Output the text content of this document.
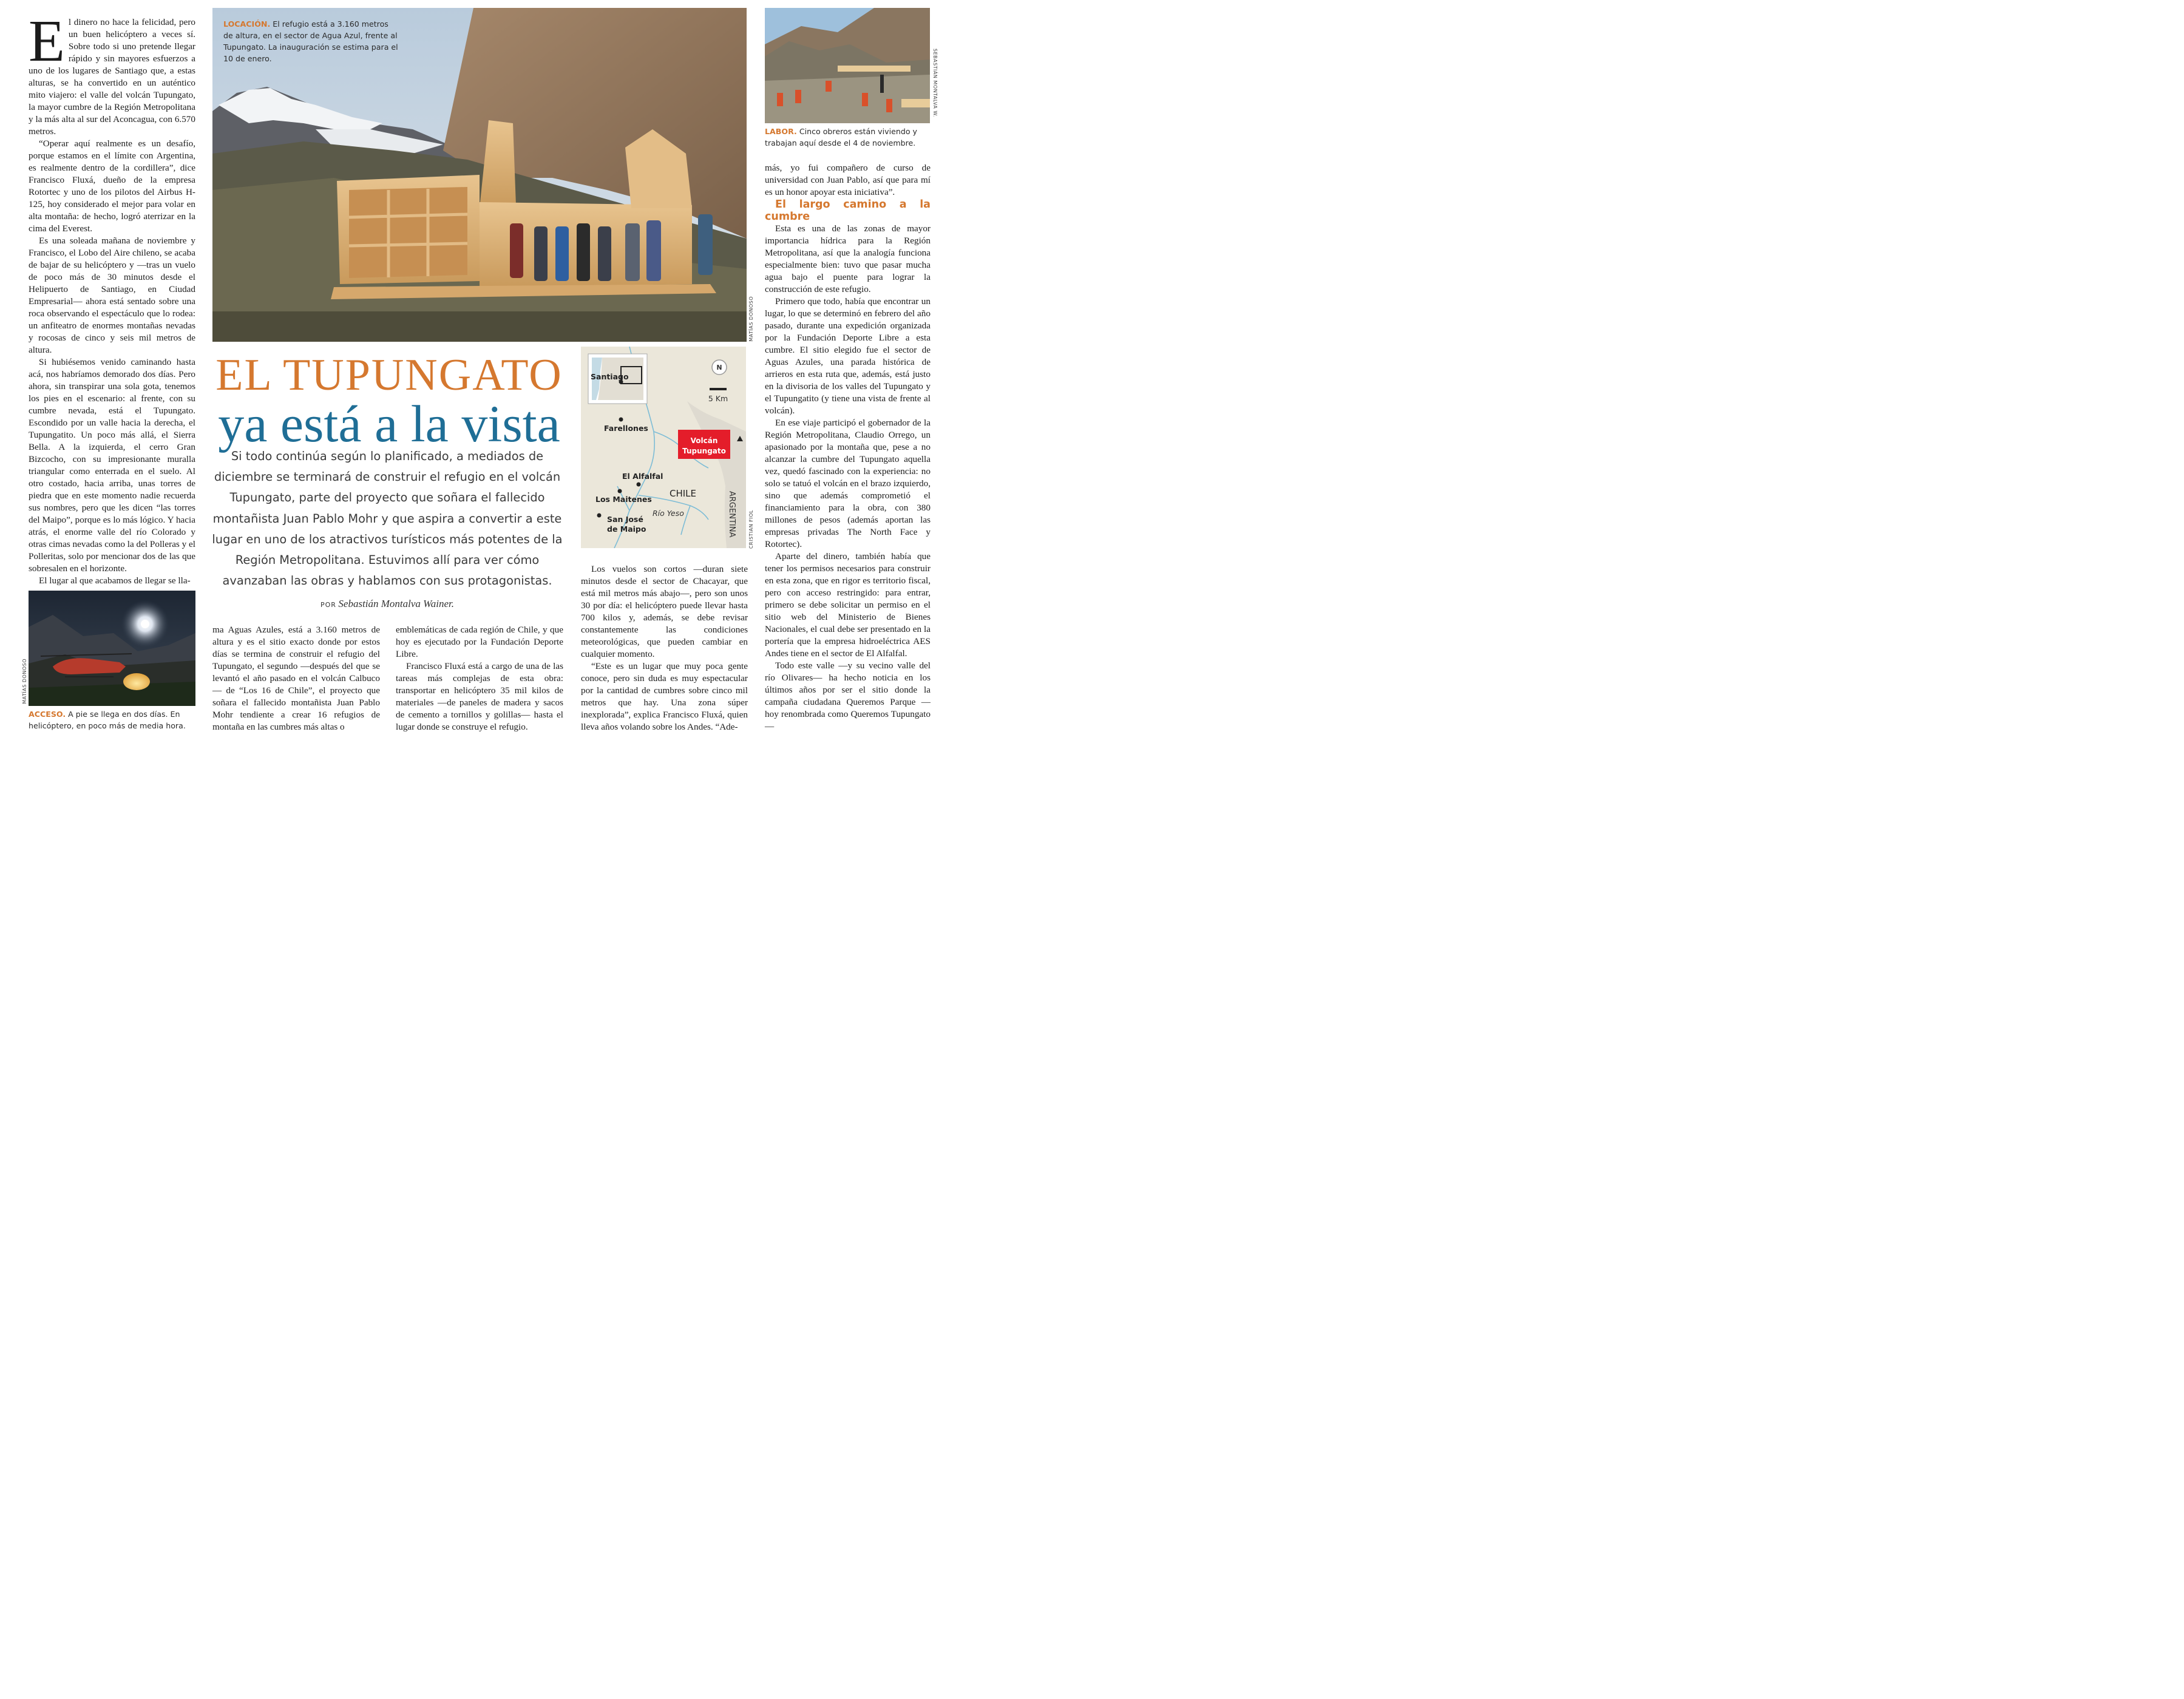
El dinero no hace la felicidad, pero un buen helicóptero a veces sí. Sobre todo si uno pretende llegar rápido y sin mayores esfuerzos a uno de los lugares de Santiago que, a estas alturas, se ha convertido en un auténtico mito viajero: el valle del volcán Tupungato, la mayor cumbre de la Región Metropolitana y la más alta al sur del Aconcagua, con 6.570 metros.

“Operar aquí realmente es un desafío, porque estamos en el límite con Argentina, es realmente dentro de la cordillera”, dice Francisco Fluxá, dueño de la empresa Rotortec y uno de los pilotos del Airbus H-125, hoy considerado el mejor para volar en alta montaña: de hecho, logró aterrizar en la cima del Everest.

Es una soleada mañana de noviembre y Francisco, el Lobo del Aire chileno, se acaba de bajar de su helicóptero y —tras un vuelo de poco más de 30 minutos desde el Helipuerto de Santiago, en Ciudad Empresarial— ahora está sentado sobre una roca observando el espectáculo que lo rodea: un anfiteatro de enormes montañas nevadas y rocosas de cinco y seis mil metros de altura.

Si hubiésemos venido caminando hasta acá, nos habríamos demorado dos días. Pero ahora, sin transpirar una sola gota, tenemos los pies en el escenario: al frente, con su cumbre nevada, está el Tupungato. Escondido por un valle hacia la derecha, el Tupungatito. Un poco más allá, el Sierra Bella. A la izquierda, el cerro Gran Bizcocho, con su impresionante muralla triangular como enterrada en el suelo. Al otro costado, hacia arriba, unas torres de piedra que en este momento nadie recuerda sus nombres, pero que les dicen “las torres del Maipo”, porque es lo más lógico. Y hacia atrás, el enorme valle del río Colorado y otras cimas nevadas como la del Polleras y el Polleritas, solo por mencionar dos de las que sobresalen en el horizonte.

El lugar al que acabamos de llegar se lla-

MATÍAS DONOSO
ACCESO. A pie se llega en dos días. En helicóptero, en poco más de media hora.
LOCACIÓN. El refugio está a 3.160 metros de altura, en el sector de Agua Azul, frente al Tupungato. La inauguración se estima para el 10 de enero.
MATÍAS DONOSO
EL TUPUNGATO
ya está a la vista
Si todo continúa según lo planificado, a mediados de diciembre se terminará de construir el refugio en el volcán Tupungato, parte del proyecto que soñara el fallecido montañista Juan Pablo Mohr y que aspira a convertir a este lugar en uno de los atractivos turísticos más potentes de la Región Metropolitana. Estuvimos allí para ver cómo avanzaban las obras y hablamos con sus protagonistas.
POR Sebastián Montalva Wainer.

ma Aguas Azules, está a 3.160 metros de altura y es el sitio exacto donde por estos días se termina de construir el refugio del Tupungato, el segundo —después del que se levantó el año pasado en el volcán Calbuco— de “Los 16 de Chile”, el proyecto que soñara el fallecido montañista Juan Pablo Mohr tendiente a crear 16 refugios de montaña en las cumbres más altas o

emblemáticas de cada región de Chile, y que hoy es ejecutado por la Fundación Deporte Libre.

Francisco Fluxá está a cargo de una de las tareas más complejas de esta obra: transportar en helicóptero 35 mil kilos de materiales —de paneles de madera y sacos de cemento a tornillos y golillas— hasta el lugar donde se construye el refugio.

N
5 Km
Santiago
Farellones
Volcán
Tupungato
El Alfalfal
CHILE
Los Maitenes
Río Yeso
San José
de Maipo	ARGENTINA	CRISTIAN FIOL

Los vuelos son cortos —duran siete minutos desde el sector de Chacayar, que está mil metros más abajo—, pero son unos 30 por día: el helicóptero puede llevar hasta 700 kilos y, además, se debe revisar constantemente las condiciones meteorológicas, que pueden cambiar en cualquier momento.

“Este es un lugar que muy poca gente conoce, pero sin duda es muy espectacular por la cantidad de cumbres sobre cinco mil metros que hay. Una zona súper inexplorada”, explica Francisco Fluxá, quien lleva años volando sobre los Andes. “Ade-

SEBASTIÁN MONTALVA W.
LABOR. Cinco obreros están viviendo y trabajan aquí desde el 4 de noviembre.

más, yo fui compañero de curso de universidad con Juan Pablo, así que para mí es un honor apoyar esta iniciativa”.

El largo camino a la cumbre

Esta es una de las zonas de mayor importancia hídrica para la Región Metropolitana, así que la analogía funciona especialmente bien: tuvo que pasar mucha agua bajo el puente para lograr la construcción de este refugio.

Primero que todo, había que encontrar un lugar, lo que se determinó en febrero del año pasado, durante una expedición organizada por la Fundación Deporte Libre a esta cumbre. El sitio elegido fue el sector de Aguas Azules, una parada histórica de arrieros en esta ruta que, además, está justo en la divisoria de los valles del Tupungato y el Tupungatito (y tiene una vista de frente al volcán).

En ese viaje participó el gobernador de la Región Metropolitana, Claudio Orrego, un apasionado por la montaña que, pese a no alcanzar la cumbre del Tupungato aquella vez, quedó fascinado con la experiencia: no solo se tatuó el volcán en el brazo izquierdo, sino que además comprometió el financiamiento para la obra, con 380 millones de pesos (además aportan las empresas privadas The North Face y Rotortec).

Aparte del dinero, también había que tener los permisos necesarios para construir en esta zona, que en rigor es territorio fiscal, pero con acceso restringido: para entrar, primero se debe solicitar un permiso en el sitio web del Ministerio de Bienes Nacionales, el cual debe ser presentado en la portería que la empresa hidroeléctrica AES Andes tiene en el sector de El Alfalfal.

Todo este valle —y su vecino valle del río Olivares— ha hecho noticia en los últimos años por ser el sitio donde la campaña ciudadana Queremos Parque —hoy renombrada como Queremos Tupungato—
